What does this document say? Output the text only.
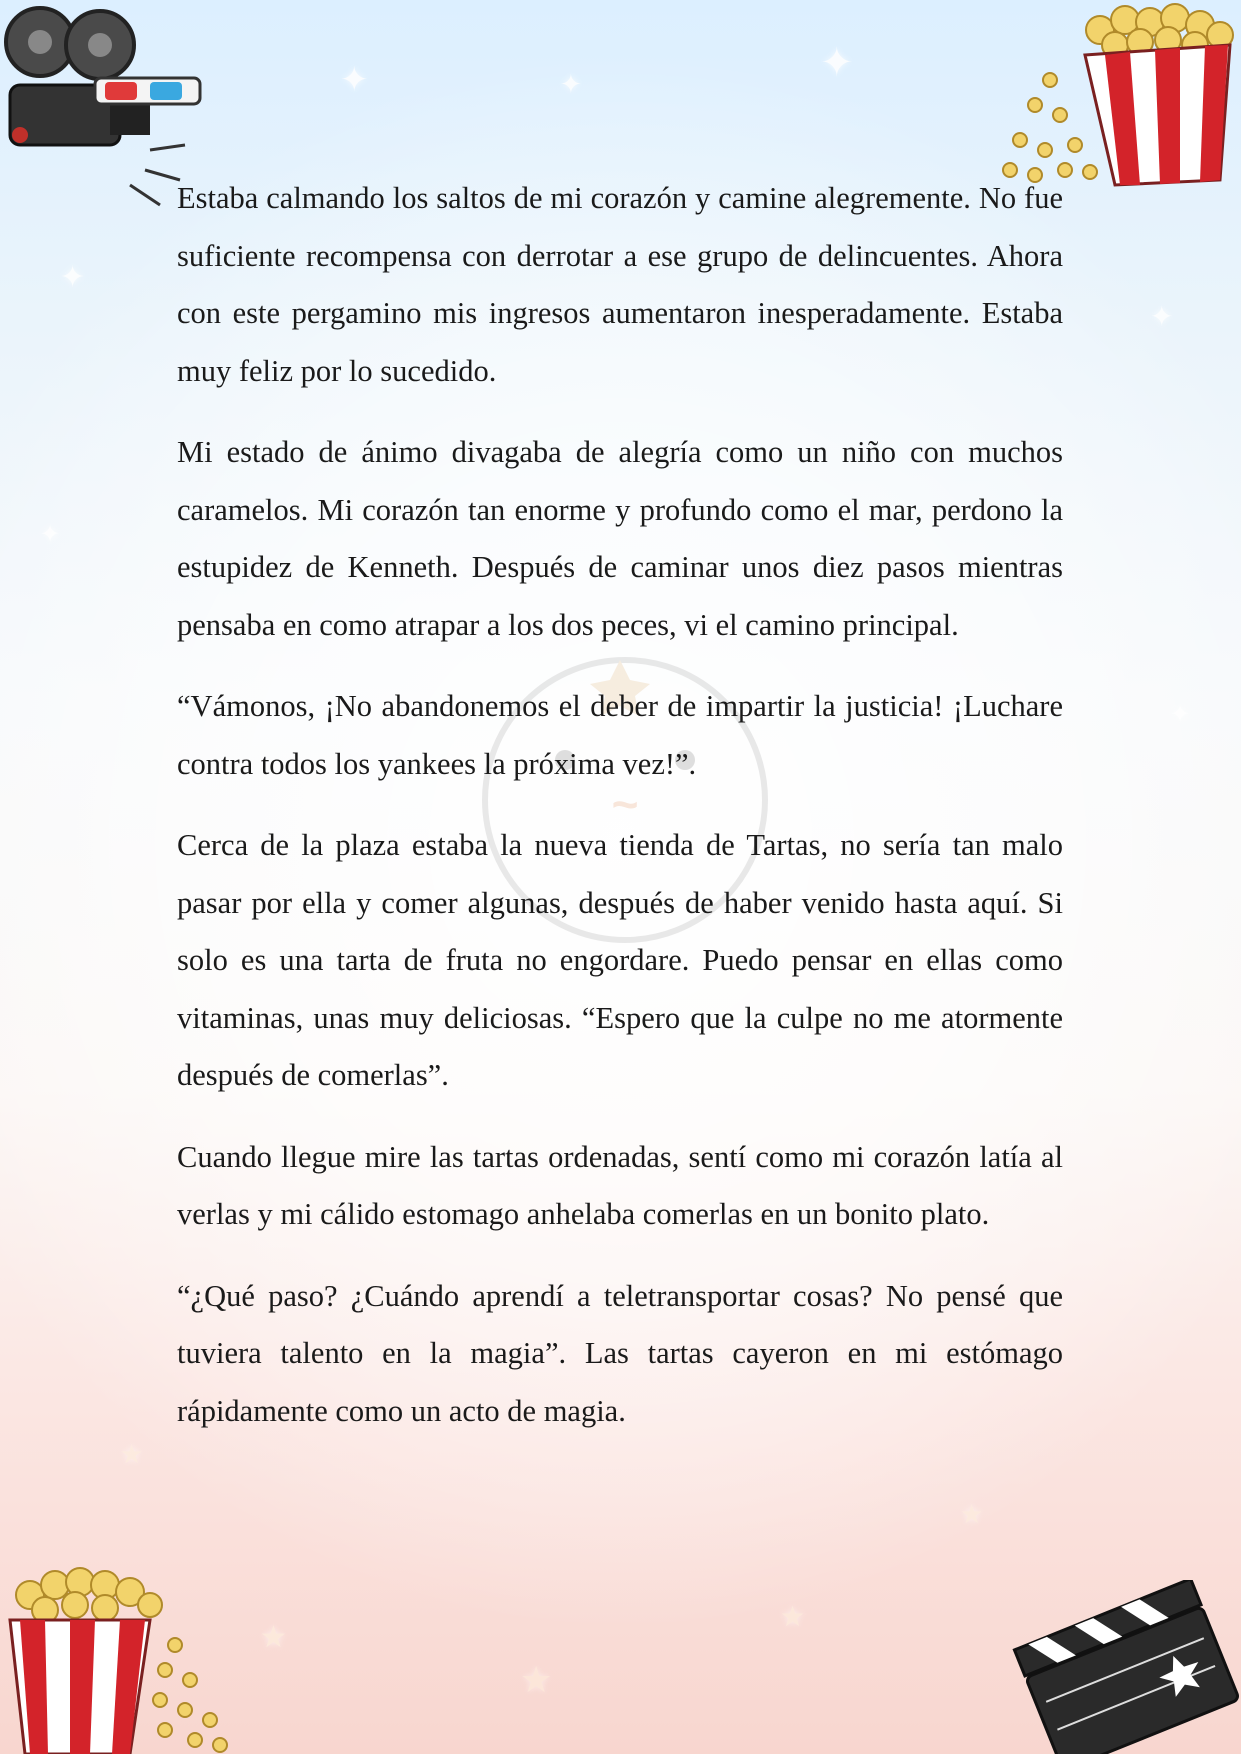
✦	✦	✦
✦
✦
✦
✦
★
★
★
★
★
~

Estaba calmando los saltos de mi corazón y camine alegremente. No fue suficiente recompensa con derrotar a ese grupo de delincuentes. Ahora con este pergamino mis ingresos aumentaron inesperadamente. Estaba muy feliz por lo sucedido.

Mi estado de ánimo divagaba de alegría como un niño con muchos caramelos. Mi corazón tan enorme y profundo como el mar, perdono la estupidez de Kenneth. Después de caminar unos diez pasos mientras pensaba en como atrapar a los dos peces, vi el camino principal.

“Vámonos, ¡No abandonemos el deber de impartir la justicia! ¡Luchare contra todos los yankees la próxima vez!”.

Cerca de la plaza estaba la nueva tienda de Tartas, no sería tan malo pasar por ella y comer algunas, después de haber venido hasta aquí. Si solo es una tarta de fruta no engordare. Puedo pensar en ellas como vitaminas, unas muy deliciosas. “Espero que la culpe no me atormente después de comerlas”.

Cuando llegue mire las tartas ordenadas, sentí como mi corazón latía al verlas y mi cálido estomago anhelaba comerlas en un bonito plato.

“¿Qué paso? ¿Cuándo aprendí a teletransportar cosas? No pensé que tuviera talento en la magia”. Las tartas cayeron en mi estómago rápidamente como un acto de magia.
